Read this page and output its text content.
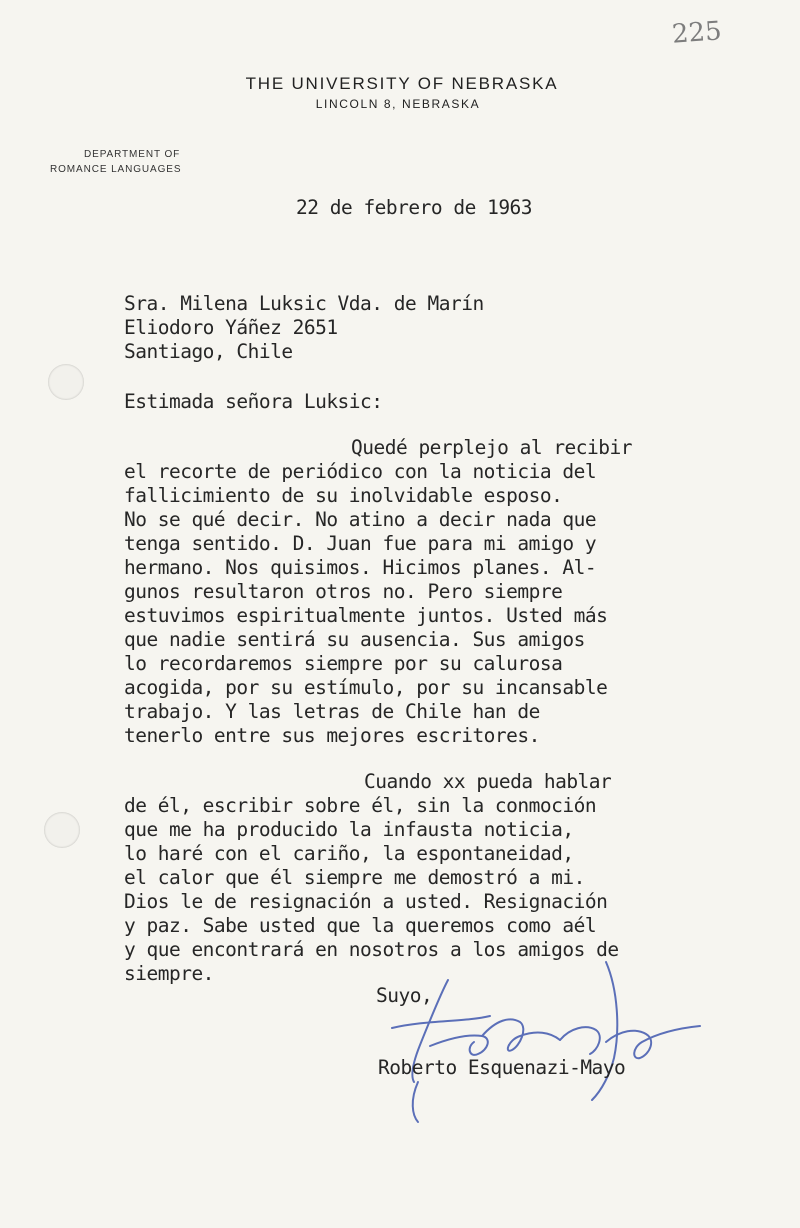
225
THE UNIVERSITY OF NEBRASKA
LINCOLN 8, NEBRASKA
DEPARTMENT OF
ROMANCE LANGUAGES
22 de febrero de 1963
Sra. Milena Luksic Vda. de Marín
Eliodoro Yáñez 2651
Santiago, Chile
Estimada señora Luksic:
Quedé perplejo al recibir
el recorte de periódico con la noticia del
fallicimiento de su inolvidable esposo.
No se qué decir. No atino a decir nada que
tenga sentido. D. Juan fue para mi amigo y
hermano. Nos quisimos. Hicimos planes. Al-
gunos resultaron otros no. Pero siempre
estuvimos espiritualmente juntos. Usted más
que nadie sentirá su ausencia. Sus amigos
lo recordaremos siempre por su calurosa
acogida, por su estímulo, por su incansable
trabajo. Y las letras de Chile han de
tenerlo entre sus mejores escritores.
Cuando xx pueda hablar
de él, escribir sobre él, sin la conmoción
que me ha producido la infausta noticia,
lo haré con el cariño, la espontaneidad,
el calor que él siempre me demostró a mi.
Dios le de resignación a usted. Resignación
y paz. Sabe usted que la queremos como aél
y que encontrará en nosotros a los amigos de
siempre.
Suyo,
Roberto Esquenazi-Mayo
